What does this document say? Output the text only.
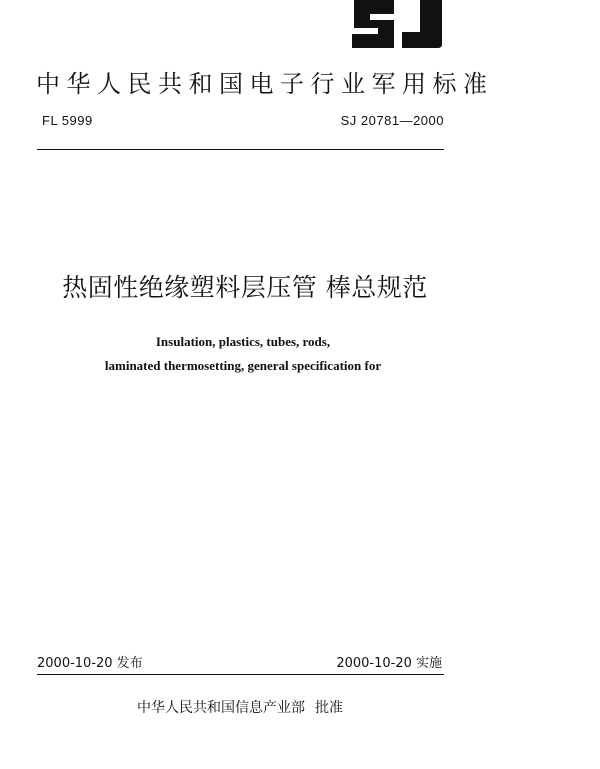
中华人民共和国电子行业军用标准
FL 5999	SJ 20781—2000
热固性绝缘塑料层压管 棒总规范
Insulation, plastics, tubes, rods,
laminated thermosetting, general specification for
2000-10-20 发布	2000-10-20 实施
中华人民共和国信息产业部 批准
